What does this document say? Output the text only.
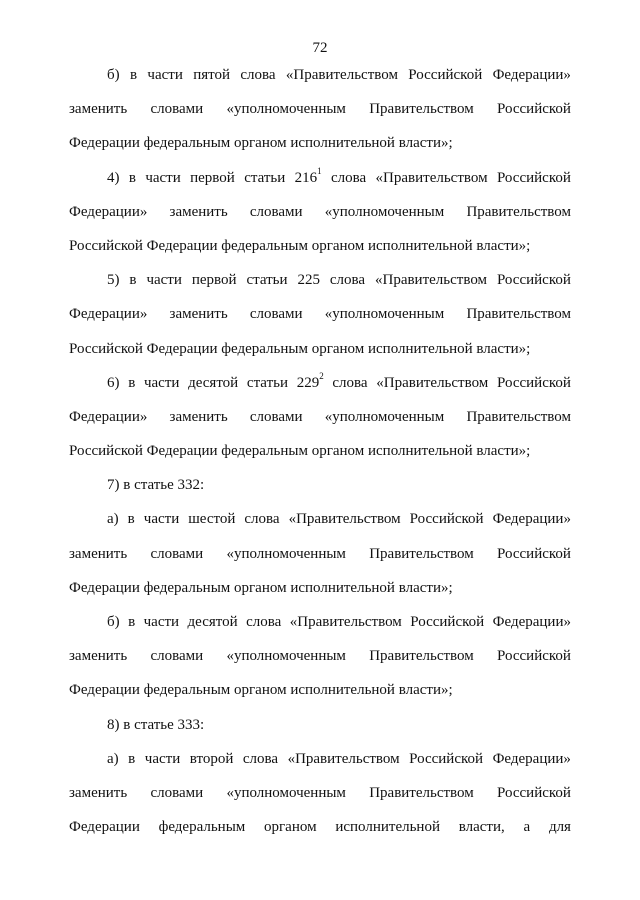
72
б) в части пятой слова «Правительством Российской Федерации»
заменить словами «уполномоченным Правительством Российской
Федерации федеральным органом исполнительной власти»;
4) в части первой статьи $216^1$ слова «Правительством Российской
Федерации» заменить словами «уполномоченным Правительством
Российской Федерации федеральным органом исполнительной власти»;
5) в части первой статьи 225 слова «Правительством Российской
Федерации» заменить словами «уполномоченным Правительством
Российской Федерации федеральным органом исполнительной власти»;
6) в части десятой статьи $229^2$ слова «Правительством Российской
Федерации» заменить словами «уполномоченным Правительством
Российской Федерации федеральным органом исполнительной власти»;
7) в статье 332:
а) в части шестой слова «Правительством Российской Федерации»
заменить словами «уполномоченным Правительством Российской
Федерации федеральным органом исполнительной власти»;
б) в части десятой слова «Правительством Российской Федерации»
заменить словами «уполномоченным Правительством Российской
Федерации федеральным органом исполнительной власти»;
8) в статье 333:
а) в части второй слова «Правительством Российской Федерации»
заменить словами «уполномоченным Правительством Российской
Федерации федеральным органом исполнительной власти, а для
